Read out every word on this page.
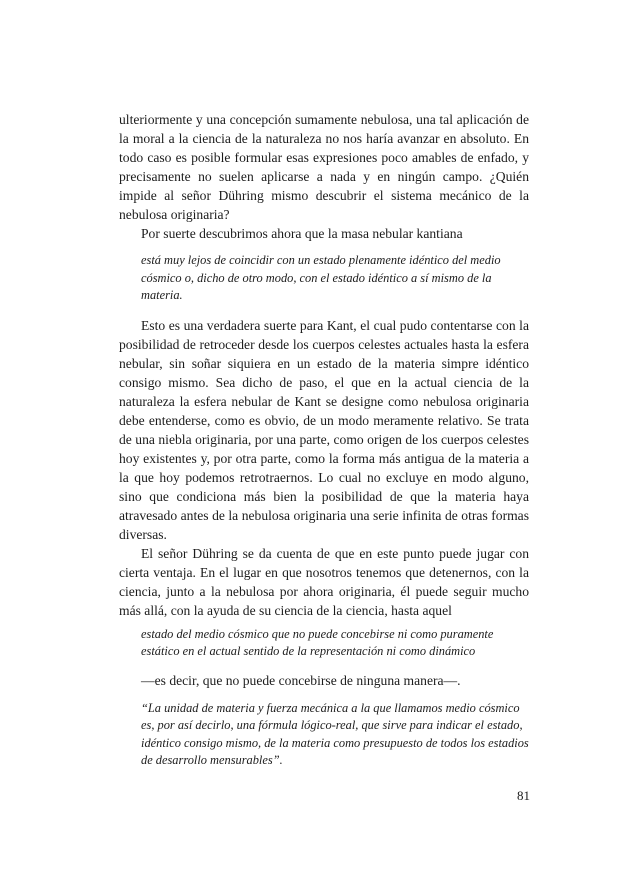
ulteriormente y una concepción sumamente nebulosa, una tal aplicación de la moral a la ciencia de la naturaleza no nos haría avanzar en absoluto. En todo caso es posible formular esas expresiones poco amables de enfado, y precisamente no suelen aplicarse a nada y en ningún campo. ¿Quién impide al señor Dühring mismo descubrir el sistema mecánico de la nebulosa originaria?

Por suerte descubrimos ahora que la masa nebular kantiana

está muy lejos de coincidir con un estado plenamente idéntico del medio cósmico o, dicho de otro modo, con el estado idéntico a sí mismo de la materia.

Esto es una verdadera suerte para Kant, el cual pudo contentarse con la posibilidad de retroceder desde los cuerpos celestes actuales hasta la esfera nebular, sin soñar siquiera en un estado de la materia simpre idéntico consigo mismo. Sea dicho de paso, el que en la actual ciencia de la naturaleza la esfera nebular de Kant se designe como nebulosa originaria debe entenderse, como es obvio, de un modo meramente relativo. Se trata de una niebla originaria, por una parte, como origen de los cuerpos celestes hoy existentes y, por otra parte, como la forma más antigua de la materia a la que hoy podemos retrotraernos. Lo cual no excluye en modo alguno, sino que condiciona más bien la posibilidad de que la materia haya atravesado antes de la nebulosa originaria una serie infinita de otras formas diversas.

El señor Dühring se da cuenta de que en este punto puede jugar con cierta ventaja. En el lugar en que nosotros tenemos que detenernos, con la ciencia, junto a la nebulosa por ahora originaria, él puede seguir mucho más allá, con la ayuda de su ciencia de la ciencia, hasta aquel

estado del medio cósmico que no puede concebirse ni como puramente estático en el actual sentido de la representación ni como dinámico

—es decir, que no puede concebirse de ninguna manera—.

“La unidad de materia y fuerza mecánica a la que llamamos medio cósmico es, por así decirlo, una fórmula lógico-real, que sirve para indicar el estado, idéntico consigo mismo, de la materia como presupuesto de todos los estadios de desarrollo mensurables”.

81
